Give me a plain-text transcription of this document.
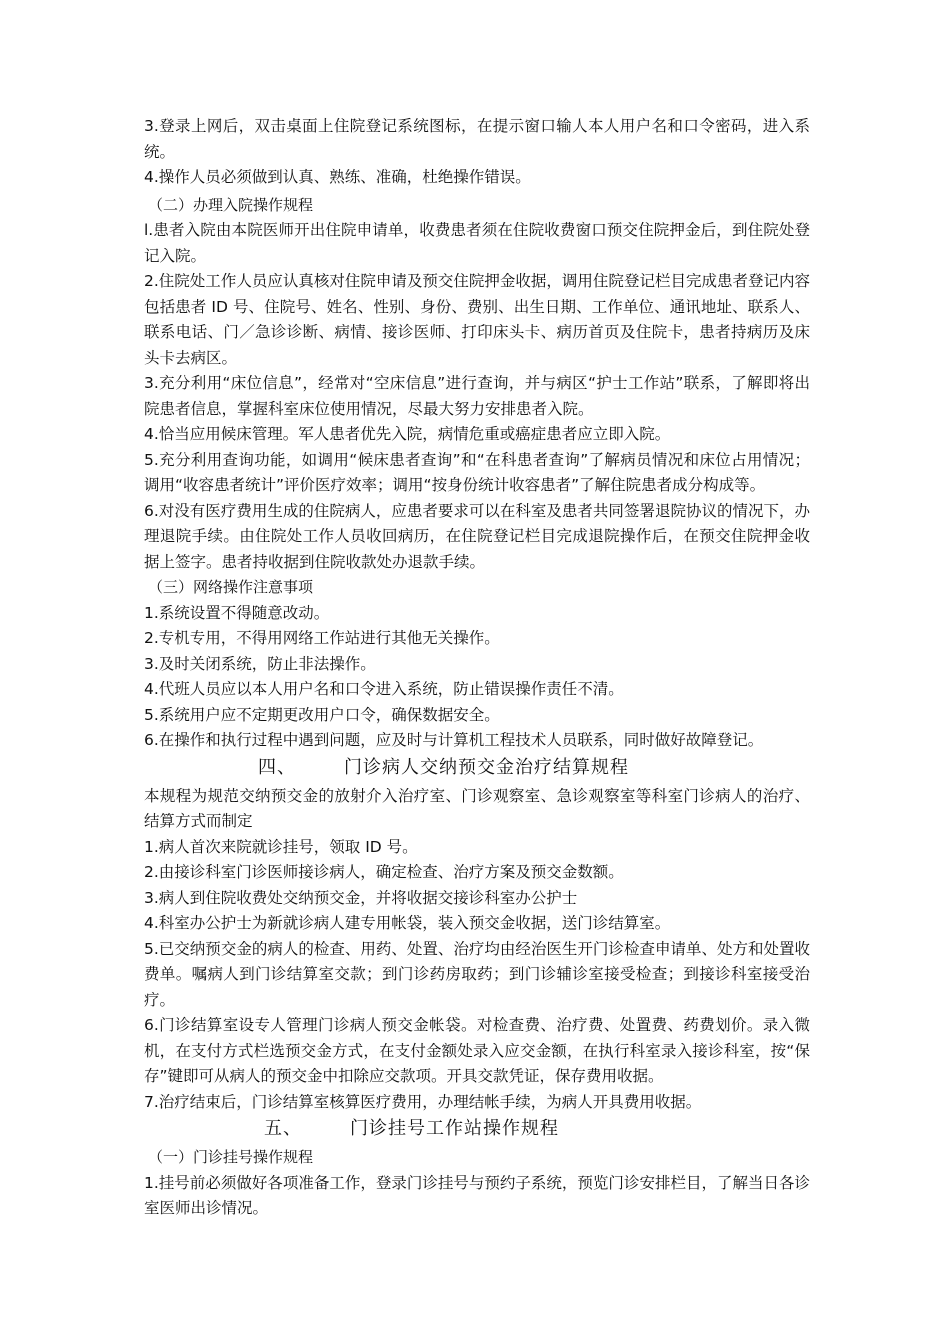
3.登录上网后，双击桌面上住院登记系统图标，在提示窗口输人本人用户名和口令密码，进入系统。

4.操作人员必须做到认真、熟练、准确，杜绝操作错误。

（二）办理入院操作规程

l.患者入院由本院医师开出住院申请单，收费患者须在住院收费窗口预交住院押金后，到住院处登记入院。

2.住院处工作人员应认真核对住院申请及预交住院押金收据，调用住院登记栏目完成患者登记内容包括患者 ID 号、住院号、姓名、性别、身份、费别、出生日期、工作单位、通讯地址、联系人、联系电话、门／急诊诊断、病情、接诊医师、打印床头卡、病历首页及住院卡，患者持病历及床头卡去病区。

3.充分利用“床位信息”，经常对“空床信息”进行查询，并与病区“护士工作站”联系，了解即将出院患者信息，掌握科室床位使用情况，尽最大努力安排患者入院。

4.恰当应用候床管理。军人患者优先入院，病情危重或癌症患者应立即入院。

5.充分利用查询功能，如调用“候床患者查询”和“在科患者查询”了解病员情况和床位占用情况；调用“收容患者统计”评价医疗效率；调用“按身份统计收容患者”了解住院患者成分构成等。

6.对没有医疗费用生成的住院病人，应患者要求可以在科室及患者共同签署退院协议的情况下，办理退院手续。由住院处工作人员收回病历，在住院登记栏目完成退院操作后，在预交住院押金收据上签字。患者持收据到住院收款处办退款手续。

（三）网络操作注意事项

1.系统设置不得随意改动。

2.专机专用，不得用网络工作站进行其他无关操作。

3.及时关闭系统，防止非法操作。

4.代班人员应以本人用户名和口令进入系统，防止错误操作责任不清。

5.系统用户应不定期更改用户口令，确保数据安全。

6.在操作和执行过程中遇到问题，应及时与计算机工程技术人员联系，同时做好故障登记。

四、	门诊病人交纳预交金治疗结算规程

本规程为规范交纳预交金的放射介入治疗室、门诊观察室、急诊观察室等科室门诊病人的治疗、结算方式而制定

1.病人首次来院就诊挂号，领取 ID 号。

2.由接诊科室门诊医师接诊病人，确定检查、治疗方案及预交金数额。

3.病人到住院收费处交纳预交金，并将收据交接诊科室办公护士

4.科室办公护士为新就诊病人建专用帐袋，装入预交金收据，送门诊结算室。

5.已交纳预交金的病人的检查、用药、处置、治疗均由经治医生开门诊检查申请单、处方和处置收费单。嘱病人到门诊结算室交款；到门诊药房取药；到门诊辅诊室接受检查；到接诊科室接受治疗。

6.门诊结算室设专人管理门诊病人预交金帐袋。对检查费、治疗费、处置费、药费划价。录入微机，在支付方式栏选预交金方式，在支付金额处录入应交金额，在执行科室录入接诊科室，按“保存”键即可从病人的预交金中扣除应交款项。开具交款凭证，保存费用收据。

7.治疗结束后，门诊结算室核算医疗费用，办理结帐手续，为病人开具费用收据。

五、	门诊挂号工作站操作规程

（一）门诊挂号操作规程

1.挂号前必须做好各项准备工作，登录门诊挂号与预约子系统，预览门诊安排栏目，了解当日各诊室医师出诊情况。
